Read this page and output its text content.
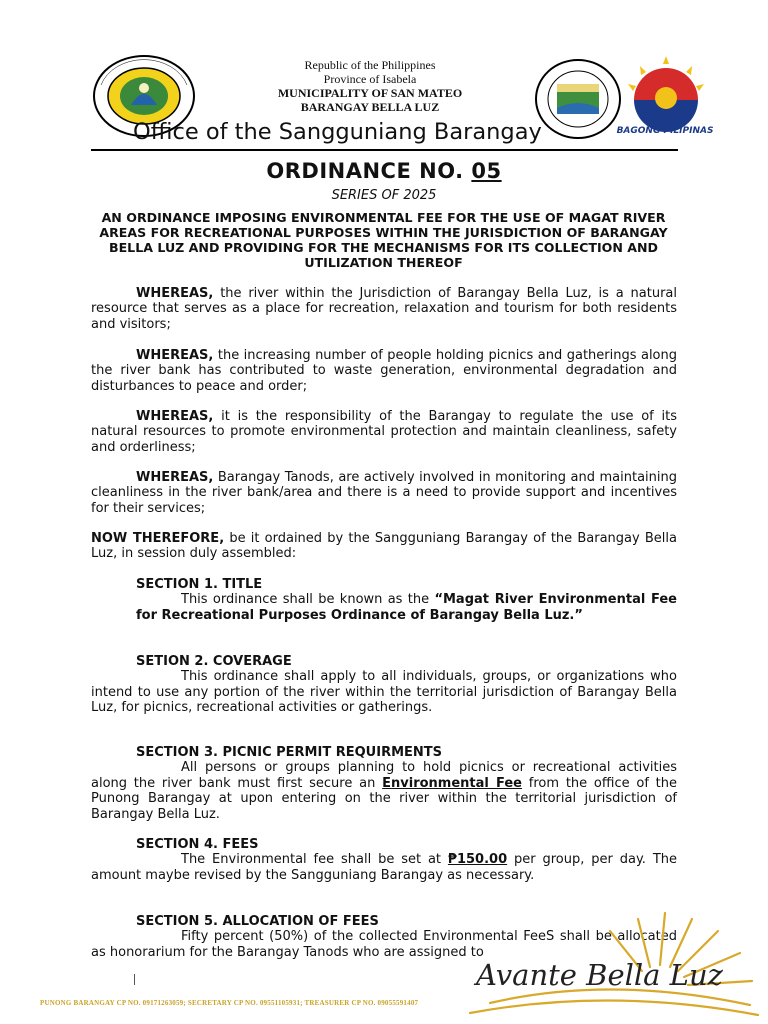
Republic of the Philippines
Province of Isabela
MUNICIPALITY OF SAN MATEO
BARANGAY BELLA LUZ
BAGONG PILIPINAS
Office of the Sangguniang Barangay
ORDINANCE NO. 05
SERIES OF 2025
AN ORDINANCE IMPOSING ENVIRONMENTAL FEE FOR THE USE OF MAGAT RIVER AREAS FOR RECREATIONAL PURPOSES WITHIN THE JURISDICTION OF BARANGAY BELLA LUZ AND PROVIDING FOR THE MECHANISMS FOR ITS COLLECTION AND UTILIZATION THEREOF
WHEREAS, the river within the Jurisdiction of Barangay Bella Luz, is a natural resource that serves as a place for recreation, relaxation and tourism for both residents and visitors;
WHEREAS, the increasing number of people holding picnics and gatherings along the river bank has contributed to waste generation, environmental degradation and disturbances to peace and order;
WHEREAS, it is the responsibility of the Barangay to regulate the use of its natural resources to promote environmental protection and maintain cleanliness, safety and orderliness;
WHEREAS, Barangay Tanods, are actively involved in monitoring and maintaining cleanliness in the river bank/area and there is a need to provide support and incentives for their services;
NOW THEREFORE, be it ordained by the Sangguniang Barangay of the Barangay Bella Luz, in session duly assembled:
SECTION 1. TITLE
This ordinance shall be known as the “Magat River Environmental Fee for Recreational Purposes Ordinance of Barangay Bella Luz.”
SETION 2. COVERAGE
This ordinance shall apply to all individuals, groups, or organizations who intend to use any portion of the river within the territorial jurisdiction of Barangay Bella Luz, for picnics, recreational activities or gatherings.
SECTION 3. PICNIC PERMIT REQUIRMENTS
All persons or groups planning to hold picnics or recreational activities along the river bank must first secure an Environmental Fee from the office of the Punong Barangay at upon entering on the river within the territorial jurisdiction of Barangay Bella Luz.
SECTION 4. FEES
The Environmental fee shall be set at ₱150.00 per group, per day. The amount maybe revised by the Sangguniang Barangay as necessary.
SECTION 5. ALLOCATION OF FEES
Fifty percent (50%) of the collected Environmental FeeS shall be allocated as honorarium for the Barangay Tanods who are assigned to
Avante Bella Luz
PUNONG BARANGAY CP NO. 09171263059; SECRETARY CP NO. 09551105931; TREASURER CP NO. 09055591407
